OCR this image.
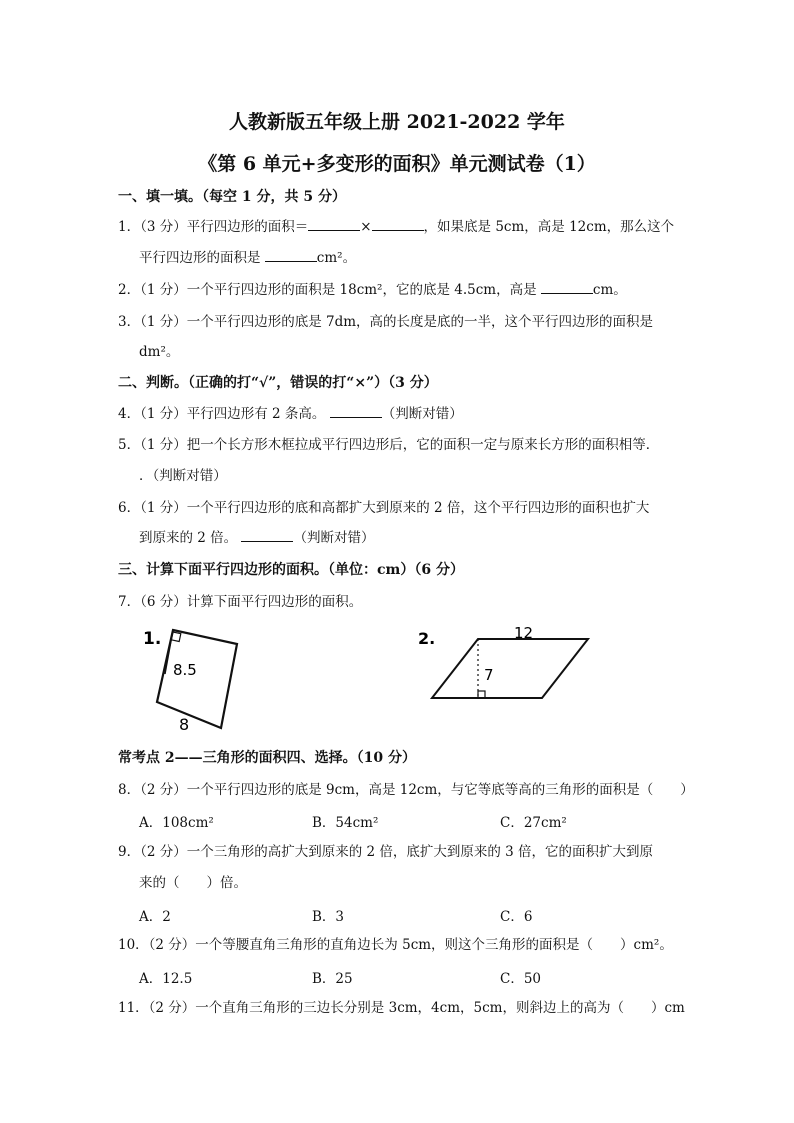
人教新版五年级上册 2021-2022 学年
《第 6 单元+多变形的面积》单元测试卷（1）
一、填一填。（每空 1 分，共 5 分）
1．（3 分）平行四边形的面积＝	×	，如果底是 5cm，高是 12cm，那么这个
平行四边形的面积是	cm²。
2．（1 分）一个平行四边形的面积是 18cm²，它的底是 4.5cm，高是	cm。
3．（1 分）一个平行四边形的底是 7dm，高的长度是底的一半，这个平行四边形的面积是
dm²。
二、判断。（正确的打“√”，错误的打“×”）（3 分）
4．（1 分）平行四边形有 2 条高。	（判断对错）
5．（1 分）把一个长方形木框拉成平行四边形后，它的面积一定与原来长方形的面积相等．
．（判断对错）
6．（1 分）一个平行四边形的底和高都扩大到原来的 2 倍，这个平行四边形的面积也扩大
到原来的 2 倍。	（判断对错）
三、计算下面平行四边形的面积。（单位：cm）（6 分）
7．（6 分）计算下面平行四边形的面积。
1.
8.5
8
2.	12
7
常考点 2——三角形的面积四、选择。（10 分）
8．（2 分）一个平行四边形的底是 9cm，高是 12cm，与它等底等高的三角形的面积是（　　）
A．108cm²	B．54cm²	C．27cm²
9．（2 分）一个三角形的高扩大到原来的 2 倍，底扩大到原来的 3 倍，它的面积扩大到原
来的（　　）倍。
A．2	B．3	C．6
10．（2 分）一个等腰直角三角形的直角边长为 5cm，则这个三角形的面积是（　　）cm²。
A．12.5	B．25	C．50
11．（2 分）一个直角三角形的三边长分别是 3cm，4cm，5cm，则斜边上的高为（　　）cm
